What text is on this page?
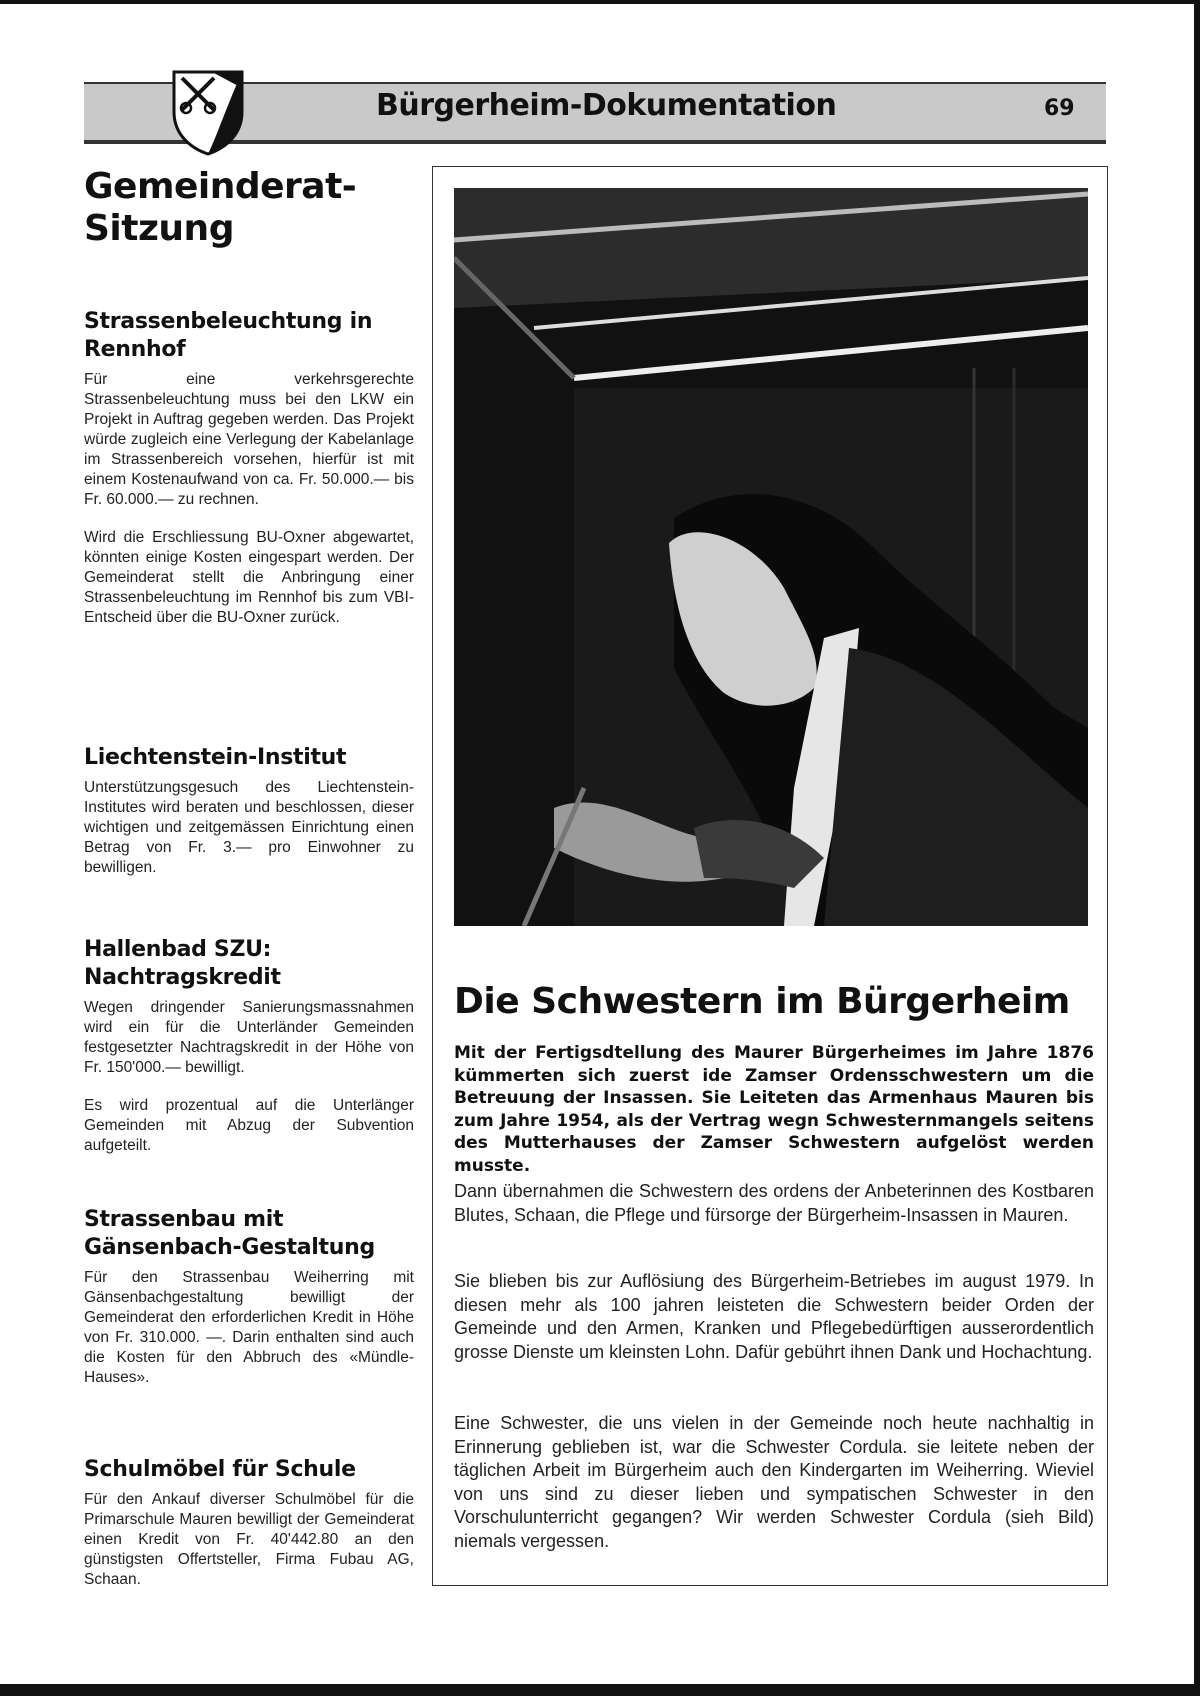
Bürgerheim-Dokumentation	69
Gemeinderat-
Sitzung
Strassenbeleuchtung in Rennhof

Für eine verkehrsgerechte Strassenbeleuchtung muss bei den LKW ein Projekt in Auftrag gegeben werden. Das Projekt würde zugleich eine Verlegung der Kabelanlage im Strassenbereich vorsehen, hierfür ist mit einem Kostenaufwand von ca. Fr. 50.000.— bis Fr. 60.000.— zu rechnen.

Wird die Erschliessung BU-Oxner abgewartet, könnten einige Kosten eingespart werden. Der Gemeinderat stellt die Anbringung einer Strassenbeleuchtung im Rennhof bis zum VBI-Entscheid über die BU-Oxner zurück.

Liechtenstein-Institut

Unterstützungsgesuch des Liechtenstein-Institutes wird beraten und beschlossen, dieser wichtigen und zeitgemässen Einrichtung einen Betrag von Fr. 3.— pro Einwohner zu bewilligen.

Hallenbad SZU: Nachtragskredit

Wegen dringender Sanierungsmassnahmen wird ein für die Unterländer Gemeinden festgesetzter Nachtragskredit in der Höhe von Fr. 150'000.— bewilligt.

Es wird prozentual auf die Unterlänger Gemeinden mit Abzug der Subvention aufgeteilt.

Strassenbau mit Gänsenbach-Gestaltung

Für den Strassenbau Weiherring mit Gänsenbachgestaltung bewilligt der Gemeinderat den erforderlichen Kredit in Höhe von Fr. 310.000. —. Darin enthalten sind auch die Kosten für den Abbruch des «Mündle-Hauses».

Schulmöbel für Schule

Für den Ankauf diverser Schulmöbel für die Primarschule Mauren bewilligt der Gemeinderat einen Kredit von Fr. 40'442.80 an den günstigsten Offertsteller, Firma Fubau AG, Schaan.

Die Schwestern im Bürgerheim

Mit der Fertigsdtellung des Maurer Bürgerheimes im Jahre 1876 kümmerten sich zuerst ide Zamser Ordensschwestern um die Betreuung der Insassen. Sie Leiteten das Armenhaus Mauren bis zum Jahre 1954, als der Vertrag wegn Schwesternmangels seitens des Mutterhauses der Zamser Schwestern aufgelöst werden musste.

Dann übernahmen die Schwestern des ordens der Anbeterinnen des Kostbaren Blutes, Schaan, die Pflege und fürsorge der Bürgerheim-Insassen in Mauren.

Sie blieben bis zur Auflösiung des Bürgerheim-Betriebes im august 1979. In diesen mehr als 100 jahren leisteten die Schwestern beider Orden der Gemeinde und den Armen, Kranken und Pflegebedürftigen ausserordentlich grosse Dienste um kleinsten Lohn. Dafür gebührt ihnen Dank und Hochachtung.

Eine Schwester, die uns vielen in der Gemeinde noch heute nachhaltig in Erinnerung geblieben ist, war die Schwester Cordula. sie leitete neben der täglichen Arbeit im Bürgerheim auch den Kindergarten im Weiherring. Wieviel von uns sind zu dieser lieben und sympatischen Schwester in den Vorschulunterricht gegangen? Wir werden Schwester Cordula (sieh Bild) niemals vergessen.
